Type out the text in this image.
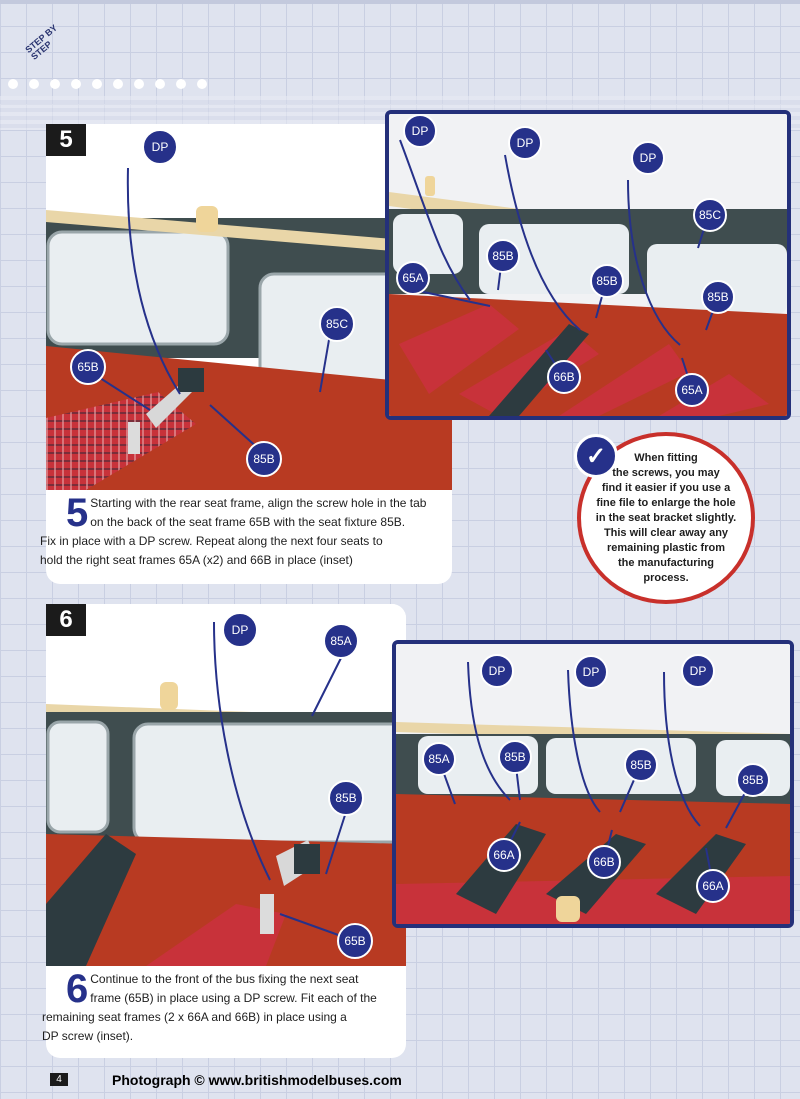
STEP BY STEP
5	DP
65B
85C
85B
DP
DP
DP
85C
65A
85B
85B
85B
66B
65A
5 Starting with the rear seat frame, align the screw hole in the tab
on the back of the seat frame 65B with the seat fixture 85B.
Fix in place with a DP screw. Repeat along the next four seats to
hold the right seat frames 65A (x2) and 66B in place (inset)

When fitting
the screws, you may
find it easier if you use a
fine file to enlarge the hole
in the seat bracket slightly.
This will clear away any
remaining plastic from
the manufacturing
process.

✓
6	DP
85A
85B
65B
DP	DP	DP
85A	85B
85B
85B
66A	66B
66A
6 Continue to the front of the bus fixing the next seat
frame (65B) in place using a DP screw. Fit each of the
remaining seat frames (2 x 66A and 66B) in place using a
DP screw (inset).
4	Photograph © www.britishmodelbuses.com
